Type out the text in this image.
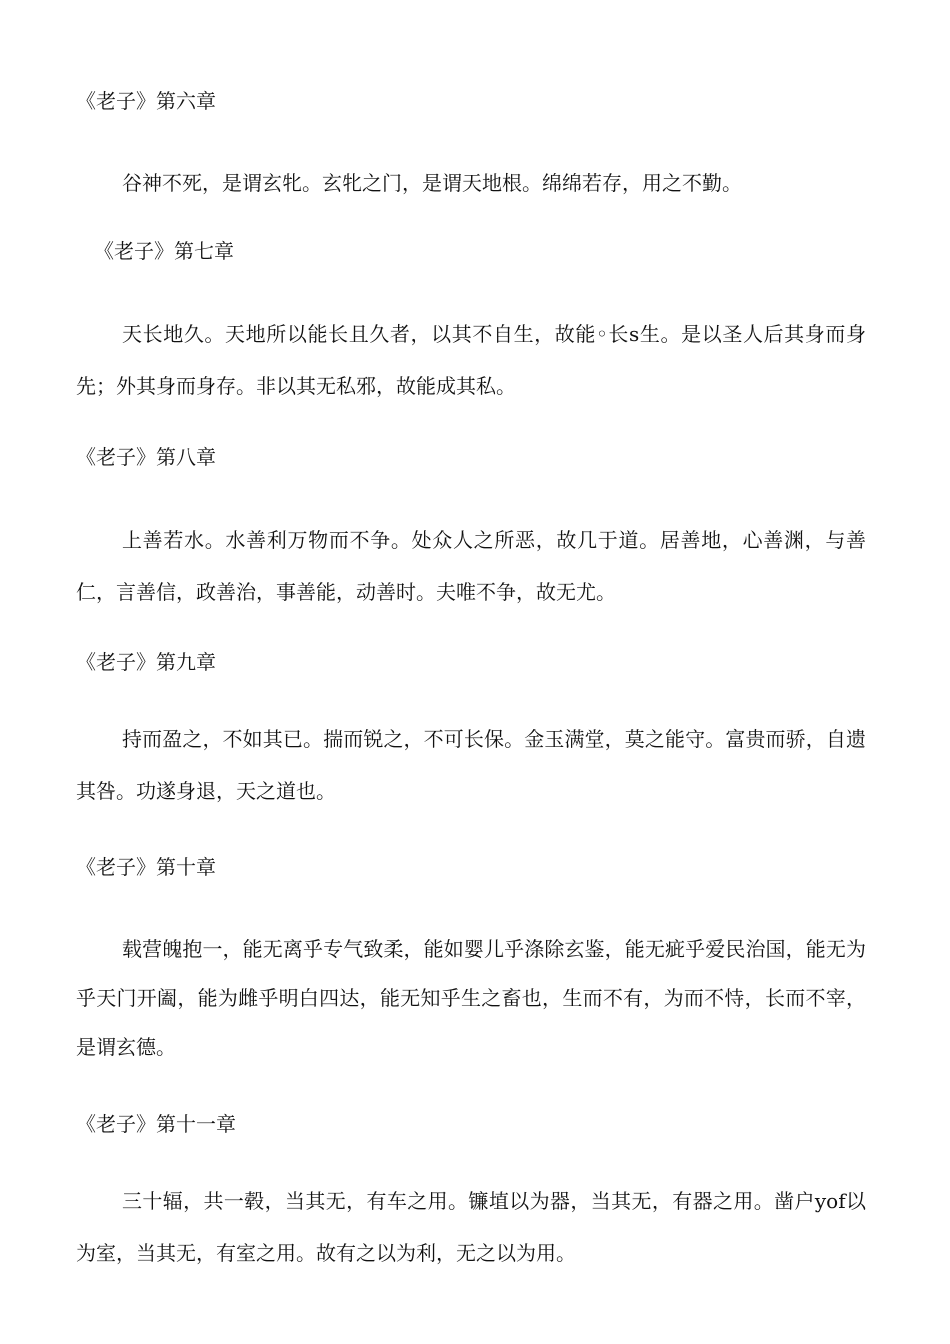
《老子》第六章

谷神不死，是谓玄牝。玄牝之门，是谓天地根。绵绵若存，用之不勤。

《老子》第七章

天长地久。天地所以能长且久者，以其不自生，故能◦长s生。是以圣人后其身而身先；外其身而身存。非以其无私邪，故能成其私。

《老子》第八章

上善若水。水善利万物而不争。处众人之所恶，故几于道。居善地，心善渊，与善仁，言善信，政善治，事善能，动善时。夫唯不争，故无尤。

《老子》第九章

持而盈之，不如其已。揣而锐之，不可长保。金玉满堂，莫之能守。富贵而骄，自遗其咎。功遂身退，天之道也。

《老子》第十章

载营魄抱一，能无离乎专气致柔，能如婴儿乎涤除玄鉴，能无疵乎爱民治国，能无为乎天门开阖，能为雌乎明白四达，能无知乎生之畜也，生而不有，为而不恃，长而不宰，是谓玄德。

《老子》第十一章

三十辐，共一毂，当其无，有车之用。镰埴以为器，当其无，有器之用。凿户yof以为室，当其无，有室之用。故有之以为利，无之以为用。
